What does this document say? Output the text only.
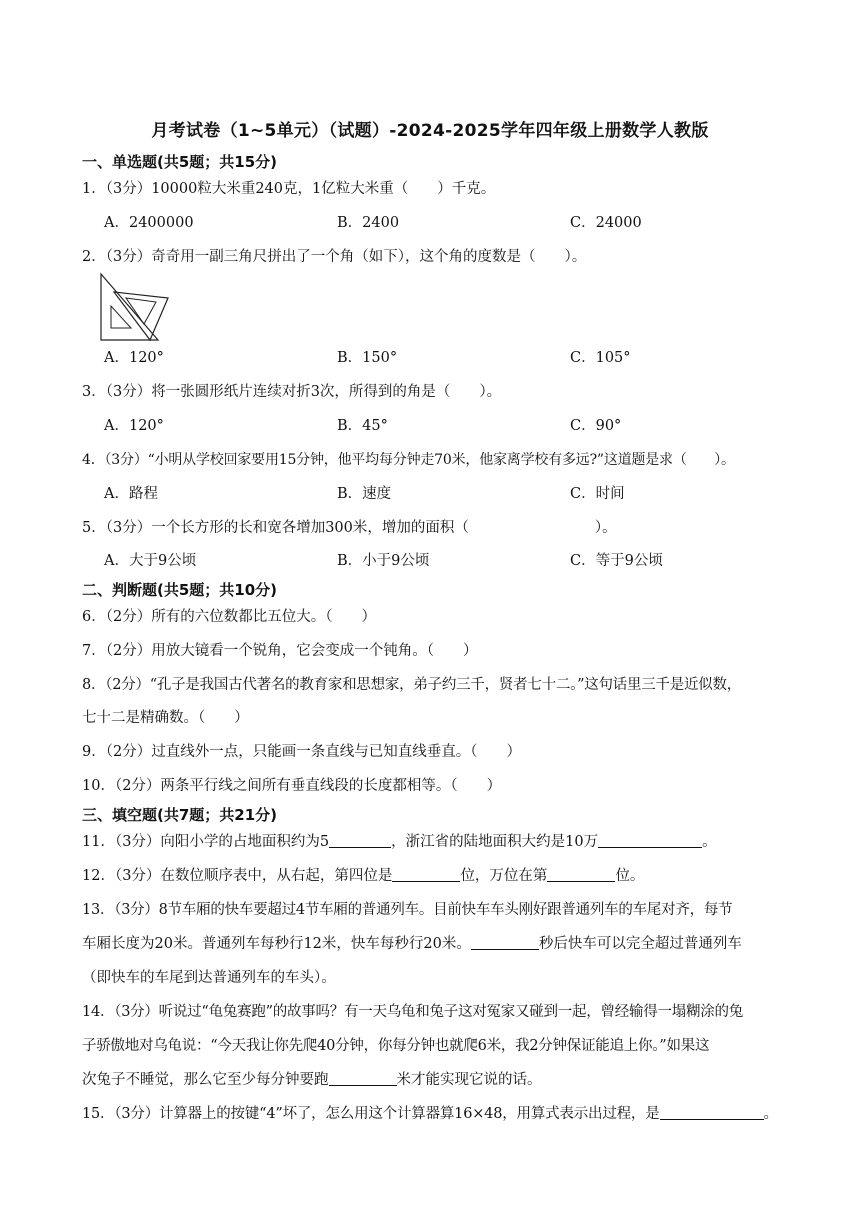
月考试卷（1~5单元）（试题）-2024-2025学年四年级上册数学人教版
一、单选题(共5题；共15分)
1．（3分）10000粒大米重240克，1亿粒大米重（　　）千克。
A．2400000	B．2400	C．24000
2．（3分）奇奇用一副三角尺拼出了一个角（如下），这个角的度数是（　　）。
A．120°	B．150°	C．105°
3．（3分）将一张圆形纸片连续对折3次，所得到的角是（　　）。
A．120°	B．45°	C．90°
4．（3分）“小明从学校回家要用15分钟，他平均每分钟走70米，他家离学校有多远?”这道题是求（　　）。
A．路程	B．速度	C．时间
5．（3分）一个长方形的长和宽各增加300米，增加的面积（	）。
A．大于9公顷	B．小于9公顷	C．等于9公顷
二、判断题(共5题；共10分)
6．（2分）所有的六位数都比五位大。（　　）
7．（2分）用放大镜看一个锐角，它会变成一个钝角。（　　）
8．（2分）“孔子是我国古代著名的教育家和思想家，弟子约三千，贤者七十二。”这句话里三千是近似数，
七十二是精确数。（　　）
9．（2分）过直线外一点，只能画一条直线与已知直线垂直。（　　）
10．（2分）两条平行线之间所有垂直线段的长度都相等。（　　）
三、填空题(共7题；共21分)
11．（3分）向阳小学的占地面积约为5	，浙江省的陆地面积大约是10万	。
12．（3分）在数位顺序表中，从右起，第四位是	位，万位在第	位。
13．（3分）8节车厢的快车要超过4节车厢的普通列车。目前快车车头刚好跟普通列车的车尾对齐，每节
车厢长度为20米。普通列车每秒行12米，快车每秒行20米。	秒后快车可以完全超过普通列车
（即快车的车尾到达普通列车的车头）。
14．（3分）听说过“龟兔赛跑”的故事吗？有一天乌龟和兔子这对冤家又碰到一起，曾经输得一塌糊涂的兔
子骄傲地对乌龟说：“今天我让你先爬40分钟，你每分钟也就爬6米，我2分钟保证能追上你。”如果这
次兔子不睡觉，那么它至少每分钟要跑	米才能实现它说的话。
15．（3分）计算器上的按键“4”坏了，怎么用这个计算器算16×48，用算式表示出过程，是	。
